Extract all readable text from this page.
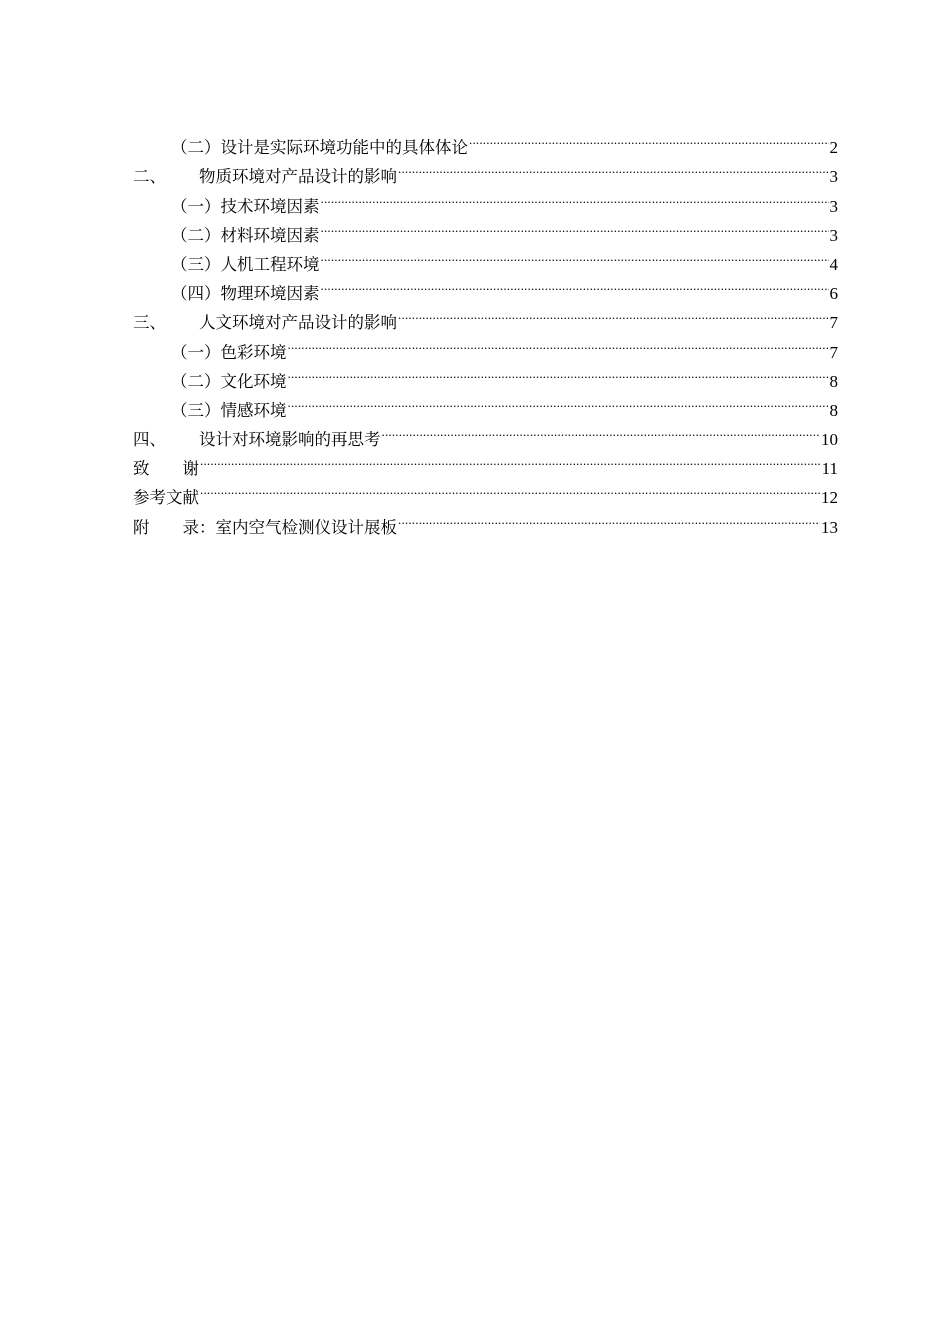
（二）设计是实际环境功能中的具体体论 .....	2
二、	物质环境对产品设计的影响 .....	3
（一）技术环境因素 .....	3
（二）材料环境因素 .....	3
（三）人机工程环境 .....	4
（四）物理环境因素 .....	6
三、	人文环境对产品设计的影响 .....	7
（一）色彩环境 .....	7
（二）文化环境 .....	8
（三）情感环境 .....	8
四、	设计对环境影响的再思考 .....	10
致　　谢 .....	11
参考文献 .....	12
附　　录：室内空气检测仪设计展板 .....	13
